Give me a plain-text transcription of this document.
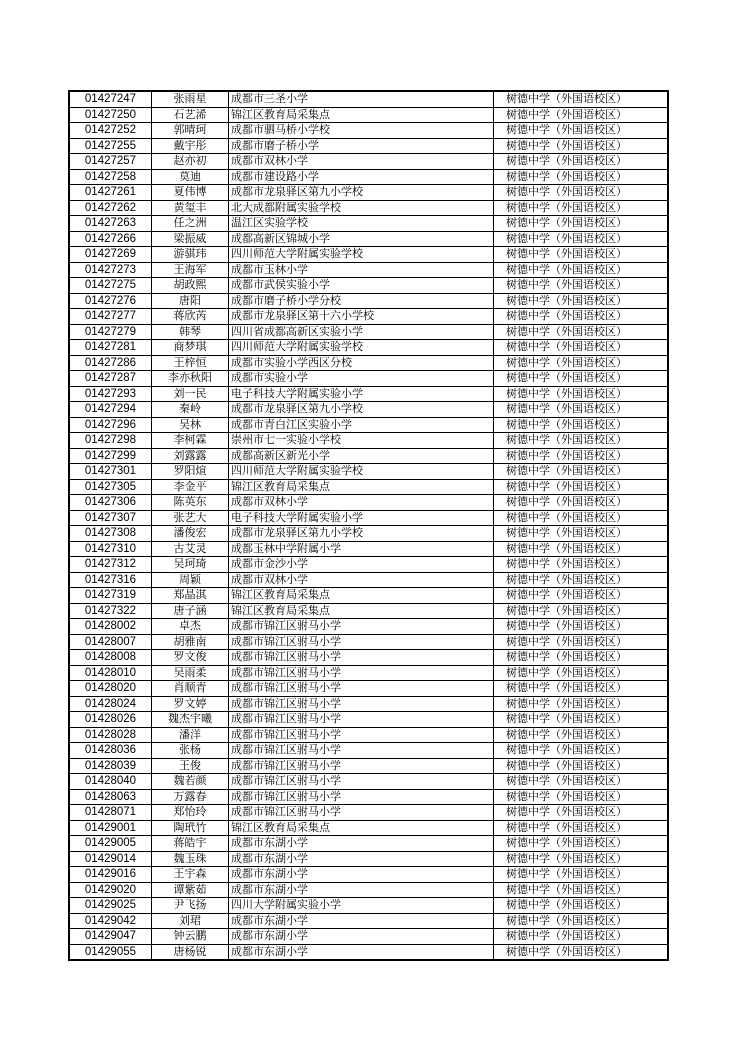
01427247	张雨星	成都市三圣小学	树德中学（外国语校区）
01427250	石艺浠	锦江区教育局采集点	树德中学（外国语校区）
01427252	郭晴珂	成都市驷马桥小学校	树德中学（外国语校区）
01427255	戴宇彤	成都市磨子桥小学	树德中学（外国语校区）
01427257	赵亦初	成都市双林小学	树德中学（外国语校区）
01427258	莫迪	成都市建设路小学	树德中学（外国语校区）
01427261	夏伟博	成都市龙泉驿区第九小学校	树德中学（外国语校区）
01427262	黄玺丰	北大成都附属实验学校	树德中学（外国语校区）
01427263	任之洲	温江区实验学校	树德中学（外国语校区）
01427266	梁振威	成都高新区锦城小学	树德中学（外国语校区）
01427269	游骐玮	四川师范大学附属实验学校	树德中学（外国语校区）
01427273	王海军	成都市玉林小学	树德中学（外国语校区）
01427275	胡政熙	成都市武侯实验小学	树德中学（外国语校区）
01427276	唐阳	成都市磨子桥小学分校	树德中学（外国语校区）
01427277	蒋欣芮	成都市龙泉驿区第十六小学校	树德中学（外国语校区）
01427279	韩琴	四川省成都高新区实验小学	树德中学（外国语校区）
01427281	商梦琪	四川师范大学附属实验学校	树德中学（外国语校区）
01427286	王梓恒	成都市实验小学西区分校	树德中学（外国语校区）
01427287	李亦秋阳	成都市实验小学	树德中学（外国语校区）
01427293	刘一民	电子科技大学附属实验小学	树德中学（外国语校区）
01427294	秦岭	成都市龙泉驿区第九小学校	树德中学（外国语校区）
01427296	吴林	成都市青白江区实验小学	树德中学（外国语校区）
01427298	李柯霖	崇州市七一实验小学校	树德中学（外国语校区）
01427299	刘露露	成都高新区新光小学	树德中学（外国语校区）
01427301	罗阳煊	四川师范大学附属实验学校	树德中学（外国语校区）
01427305	李金平	锦江区教育局采集点	树德中学（外国语校区）
01427306	陈英东	成都市双林小学	树德中学（外国语校区）
01427307	张艺大	电子科技大学附属实验小学	树德中学（外国语校区）
01427308	潘俊宏	成都市龙泉驿区第九小学校	树德中学（外国语校区）
01427310	古艾灵	成都玉林中学附属小学	树德中学（外国语校区）
01427312	吴珂琦	成都市金沙小学	树德中学（外国语校区）
01427316	周颖	成都市双林小学	树德中学（外国语校区）
01427319	郑晶淇	锦江区教育局采集点	树德中学（外国语校区）
01427322	唐子涵	锦江区教育局采集点	树德中学（外国语校区）
01428002	卓杰	成都市锦江区驸马小学	树德中学（外国语校区）
01428007	胡雅南	成都市锦江区驸马小学	树德中学（外国语校区）
01428008	罗文俊	成都市锦江区驸马小学	树德中学（外国语校区）
01428010	吴雨柔	成都市锦江区驸马小学	树德中学（外国语校区）
01428020	肖顺青	成都市锦江区驸马小学	树德中学（外国语校区）
01428024	罗文婷	成都市锦江区驸马小学	树德中学（外国语校区）
01428026	魏杰宇曦	成都市锦江区驸马小学	树德中学（外国语校区）
01428028	潘洋	成都市锦江区驸马小学	树德中学（外国语校区）
01428036	张杨	成都市锦江区驸马小学	树德中学（外国语校区）
01428039	王俊	成都市锦江区驸马小学	树德中学（外国语校区）
01428040	魏若颜	成都市锦江区驸马小学	树德中学（外国语校区）
01428063	万露春	成都市锦江区驸马小学	树德中学（外国语校区）
01428071	郑怡玲	成都市锦江区驸马小学	树德中学（外国语校区）
01429001	陶玳竹	锦江区教育局采集点	树德中学（外国语校区）
01429005	蒋皓宇	成都市东湖小学	树德中学（外国语校区）
01429014	魏玉珠	成都市东湖小学	树德中学（外国语校区）
01429016	王宇森	成都市东湖小学	树德中学（外国语校区）
01429020	谭紫茹	成都市东湖小学	树德中学（外国语校区）
01429025	尹飞扬	四川大学附属实验小学	树德中学（外国语校区）
01429042	刘珺	成都市东湖小学	树德中学（外国语校区）
01429047	钟云鹏	成都市东湖小学	树德中学（外国语校区）
01429055	唐杨锐	成都市东湖小学	树德中学（外国语校区）
